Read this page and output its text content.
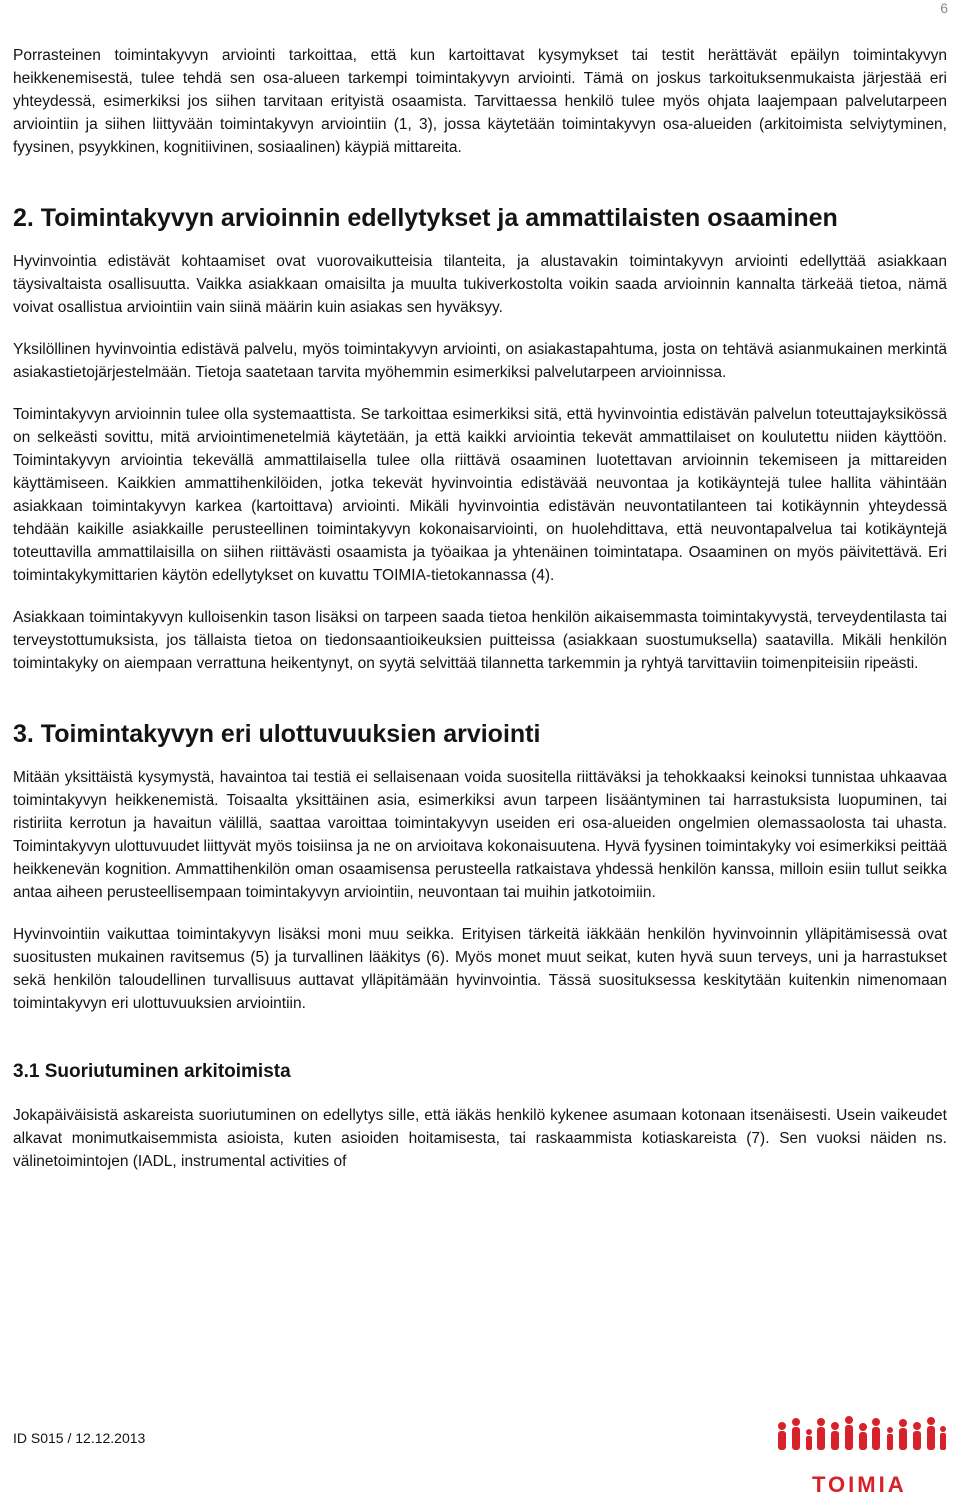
6

Porrasteinen toimintakyvyn arviointi tarkoittaa, että kun kartoittavat kysymykset tai testit herättävät epäilyn toimintakyvyn heikkenemisestä, tulee tehdä sen osa-alueen tarkempi toimintakyvyn arviointi. Tämä on joskus tarkoituksenmukaista järjestää eri yhteydessä, esimerkiksi jos siihen tarvitaan erityistä osaamista. Tarvittaessa henkilö tulee myös ohjata laajempaan palvelutarpeen arviointiin ja siihen liittyvään toimintakyvyn arviointiin (1, 3), jossa käytetään toimintakyvyn osa-alueiden (arkitoimista selviytyminen, fyysinen, psyykkinen, kognitiivinen, sosiaalinen) käypiä mittareita.

2. Toimintakyvyn arvioinnin edellytykset ja ammattilaisten osaaminen

Hyvinvointia edistävät kohtaamiset ovat vuorovaikutteisia tilanteita, ja alustavakin toimintakyvyn arviointi edellyttää asiakkaan täysivaltaista osallisuutta. Vaikka asiakkaan omaisilta ja muulta tukiverkostolta voikin saada arvioinnin kannalta tärkeää tietoa, nämä voivat osallistua arviointiin vain siinä määrin kuin asiakas sen hyväksyy.

Yksilöllinen hyvinvointia edistävä palvelu, myös toimintakyvyn arviointi, on asiakastapahtuma, josta on tehtävä asianmukainen merkintä asiakastietojärjestelmään. Tietoja saatetaan tarvita myöhemmin esimerkiksi palvelutarpeen arvioinnissa.

Toimintakyvyn arvioinnin tulee olla systemaattista. Se tarkoittaa esimerkiksi sitä, että hyvinvointia edistävän palvelun toteuttajayksikössä on selkeästi sovittu, mitä arviointimenetelmiä käytetään, ja että kaikki arviointia tekevät ammattilaiset on koulutettu niiden käyttöön. Toimintakyvyn arviointia tekevällä ammattilaisella tulee olla riittävä osaaminen luotettavan arvioinnin tekemiseen ja mittareiden käyttämiseen. Kaikkien ammattihenkilöiden, jotka tekevät hyvinvointia edistävää neuvontaa ja kotikäyntejä tulee hallita vähintään asiakkaan toimintakyvyn karkea (kartoittava) arviointi. Mikäli hyvinvointia edistävän neuvontatilanteen tai kotikäynnin yhteydessä tehdään kaikille asiakkaille perusteellinen toimintakyvyn kokonaisarviointi, on huolehdittava, että neuvontapalvelua tai kotikäyntejä toteuttavilla ammattilaisilla on siihen riittävästi osaamista ja työaikaa ja yhtenäinen toimintatapa. Osaaminen on myös päivitettävä. Eri toimintakykymittarien käytön edellytykset on kuvattu TOIMIA-tietokannassa (4).

Asiakkaan toimintakyvyn kulloisenkin tason lisäksi on tarpeen saada tietoa henkilön aikaisemmasta toimintakyvystä, terveydentilasta tai terveystottumuksista, jos tällaista tietoa on tiedonsaantioikeuksien puitteissa (asiakkaan suostumuksella) saatavilla. Mikäli henkilön toimintakyky on aiempaan verrattuna heikentynyt, on syytä selvittää tilannetta tarkemmin ja ryhtyä tarvittaviin toimenpiteisiin ripeästi.

3. Toimintakyvyn eri ulottuvuuksien arviointi

Mitään yksittäistä kysymystä, havaintoa tai testiä ei sellaisenaan voida suositella riittäväksi ja tehokkaaksi keinoksi tunnistaa uhkaavaa toimintakyvyn heikkenemistä. Toisaalta yksittäinen asia, esimerkiksi avun tarpeen lisääntyminen tai harrastuksista luopuminen, tai ristiriita kerrotun ja havaitun välillä, saattaa varoittaa toimintakyvyn useiden eri osa-alueiden ongelmien olemassaolosta tai uhasta. Toimintakyvyn ulottuvuudet liittyvät myös toisiinsa ja ne on arvioitava kokonaisuutena. Hyvä fyysinen toimintakyky voi esimerkiksi peittää heikkenevän kognition. Ammattihenkilön oman osaamisensa perusteella ratkaistava yhdessä henkilön kanssa, milloin esiin tullut seikka antaa aiheen perusteellisempaan toimintakyvyn arviointiin, neuvontaan tai muihin jatkotoimiin.

Hyvinvointiin vaikuttaa toimintakyvyn lisäksi moni muu seikka. Erityisen tärkeitä iäkkään henkilön hyvinvoinnin ylläpitämisessä ovat suositusten mukainen ravitsemus (5) ja turvallinen lääkitys (6). Myös monet muut seikat, kuten hyvä suun terveys, uni ja harrastukset sekä henkilön taloudellinen turvallisuus auttavat ylläpitämään hyvinvointia. Tässä suosituksessa keskitytään kuitenkin nimenomaan toimintakyvyn eri ulottuvuuksien arviointiin.

3.1 Suoriutuminen arkitoimista

Jokapäiväisistä askareista suoriutuminen on edellytys sille, että iäkäs henkilö kykenee asumaan kotonaan itsenäisesti. Usein vaikeudet alkavat monimutkaisemmista asioista, kuten asioiden hoitamisesta, tai raskaammista kotiaskareista (7). Sen vuoksi näiden ns. välinetoimintojen (IADL, instrumental activities of

ID S015 / 12.12.2013
TOIMIA
